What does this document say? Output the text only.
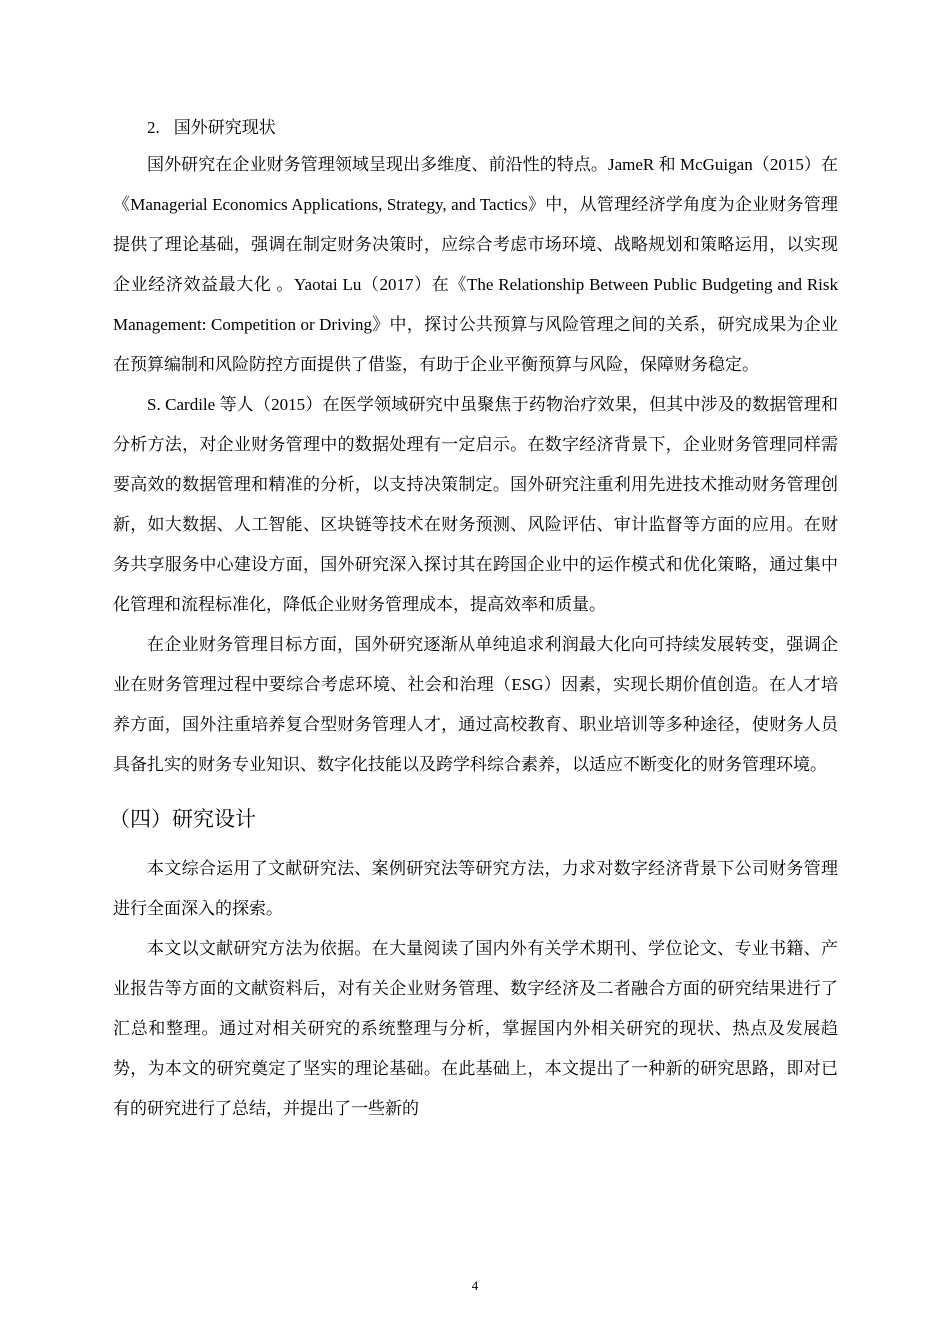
2. 国外研究现状

国外研究在企业财务管理领域呈现出多维度、前沿性的特点。JameR 和 McGuigan（2015）在《Managerial Economics Applications, Strategy, and Tactics》中，从管理经济学角度为企业财务管理提供了理论基础，强调在制定财务决策时，应综合考虑市场环境、战略规划和策略运用，以实现企业经济效益最大化 。Yaotai Lu（2017）在《The Relationship Between Public Budgeting and Risk Management: Competition or Driving》中，探讨公共预算与风险管理之间的关系，研究成果为企业在预算编制和风险防控方面提供了借鉴，有助于企业平衡预算与风险，保障财务稳定。

S. Cardile 等人（2015）在医学领域研究中虽聚焦于药物治疗效果，但其中涉及的数据管理和分析方法，对企业财务管理中的数据处理有一定启示。在数字经济背景下，企业财务管理同样需要高效的数据管理和精准的分析，以支持决策制定。国外研究注重利用先进技术推动财务管理创新，如大数据、人工智能、区块链等技术在财务预测、风险评估、审计监督等方面的应用。在财务共享服务中心建设方面，国外研究深入探讨其在跨国企业中的运作模式和优化策略，通过集中化管理和流程标准化，降低企业财务管理成本，提高效率和质量。

在企业财务管理目标方面，国外研究逐渐从单纯追求利润最大化向可持续发展转变，强调企业在财务管理过程中要综合考虑环境、社会和治理（ESG）因素，实现长期价值创造。在人才培养方面，国外注重培养复合型财务管理人才，通过高校教育、职业培训等多种途径，使财务人员具备扎实的财务专业知识、数字化技能以及跨学科综合素养，以适应不断变化的财务管理环境。

（四）研究设计

本文综合运用了文献研究法、案例研究法等研究方法，力求对数字经济背景下公司财务管理进行全面深入的探索。

本文以文献研究方法为依据。在大量阅读了国内外有关学术期刊、学位论文、专业书籍、产业报告等方面的文献资料后，对有关企业财务管理、数字经济及二者融合方面的研究结果进行了汇总和整理。通过对相关研究的系统整理与分析，掌握国内外相关研究的现状、热点及发展趋势，为本文的研究奠定了坚实的理论基础。在此基础上，本文提出了一种新的研究思路，即对已有的研究进行了总结，并提出了一些新的

4
